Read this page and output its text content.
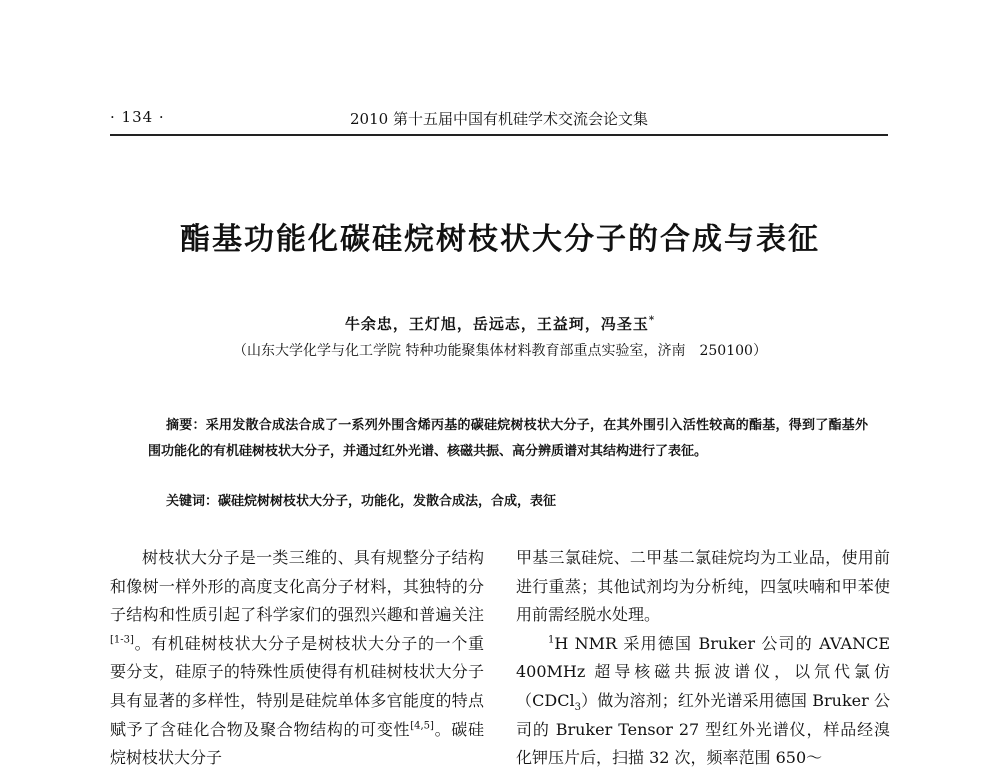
· 134 ·	2010 第十五届中国有机硅学术交流会论文集
酯基功能化碳硅烷树枝状大分子的合成与表征
牛余忠，王灯旭，岳远志，王益珂，冯圣玉*
（山东大学化学与化工学院 特种功能聚集体材料教育部重点实验室，济南　250100）
摘要：采用发散合成法合成了一系列外围含烯丙基的碳硅烷树枝状大分子，在其外围引入活性较高的酯基，得到了酯基外围功能化的有机硅树枝状大分子，并通过红外光谱、核磁共振、高分辨质谱对其结构进行了表征。
关键词：碳硅烷树树枝状大分子，功能化，发散合成法，合成，表征

树枝状大分子是一类三维的、具有规整分子结构和像树一样外形的高度支化高分子材料，其独特的分子结构和性质引起了科学家们的强烈兴趣和普遍关注[1-3]。有机硅树枝状大分子是树枝状大分子的一个重要分支，硅原子的特殊性质使得有机硅树枝状大分子具有显著的多样性，特别是硅烷单体多官能度的特点赋予了含硅化合物及聚合物结构的可变性[4,5]。碳硅烷树枝状大分子

甲基三氯硅烷、二甲基二氯硅烷均为工业品，使用前进行重蒸；其他试剂均为分析纯，四氢呋喃和甲苯使用前需经脱水处理。

$^1$H NMR 采用德国 Bruker 公司的 AVANCE 400MHz 超导核磁共振波谱仪，以氘代氯仿（CDCl$_3$）做为溶剂；红外光谱采用德国 Bruker 公司的 Bruker Tensor 27 型红外光谱仪，样品经溴化钾压片后，扫描 32 次，频率范围 650～
